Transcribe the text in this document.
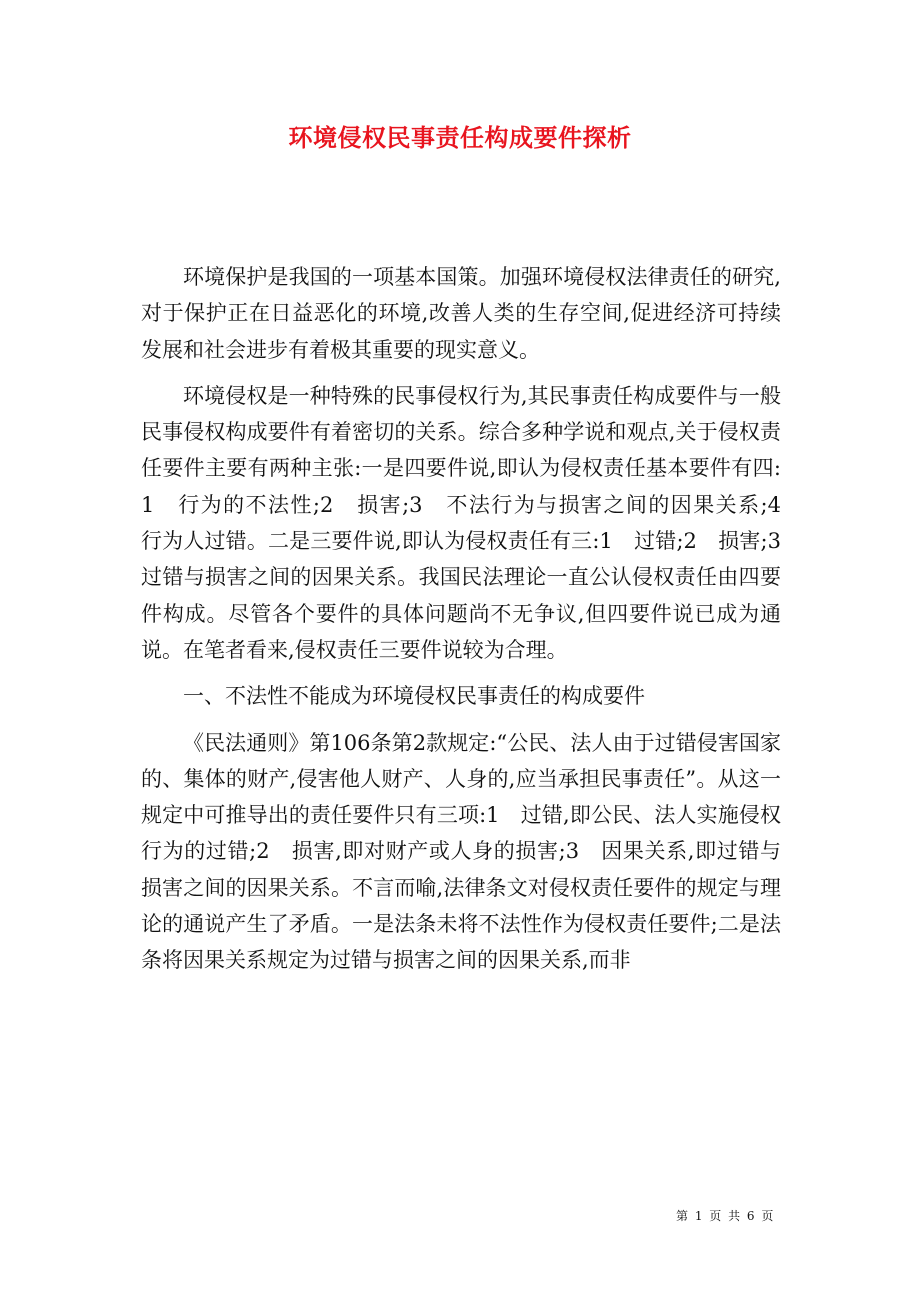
环境侵权民事责任构成要件探析

环境保护是我国的一项基本国策。加强环境侵权法律责任的研究,对于保护正在日益恶化的环境,改善人类的生存空间,促进经济可持续发展和社会进步有着极其重要的现实意义。

环境侵权是一种特殊的民事侵权行为,其民事责任构成要件与一般民事侵权构成要件有着密切的关系。综合多种学说和观点,关于侵权责任要件主要有两种主张:一是四要件说,即认为侵权责任基本要件有四:1　行为的不法性;2　损害;3　不法行为与损害之间的因果关系;4　行为人过错。二是三要件说,即认为侵权责任有三:1　过错;2　损害;3　过错与损害之间的因果关系。我国民法理论一直公认侵权责任由四要件构成。尽管各个要件的具体问题尚不无争议,但四要件说已成为通说。在笔者看来,侵权责任三要件说较为合理。

一、不法性不能成为环境侵权民事责任的构成要件

《民法通则》第106条第2款规定:“公民、法人由于过错侵害国家的、集体的财产,侵害他人财产、人身的,应当承担民事责任”。从这一规定中可推导出的责任要件只有三项:1　过错,即公民、法人实施侵权行为的过错;2　损害,即对财产或人身的损害;3　因果关系,即过错与损害之间的因果关系。不言而喻,法律条文对侵权责任要件的规定与理论的通说产生了矛盾。一是法条未将不法性作为侵权责任要件;二是法条将因果关系规定为过错与损害之间的因果关系,而非

第 1 页 共 6 页
